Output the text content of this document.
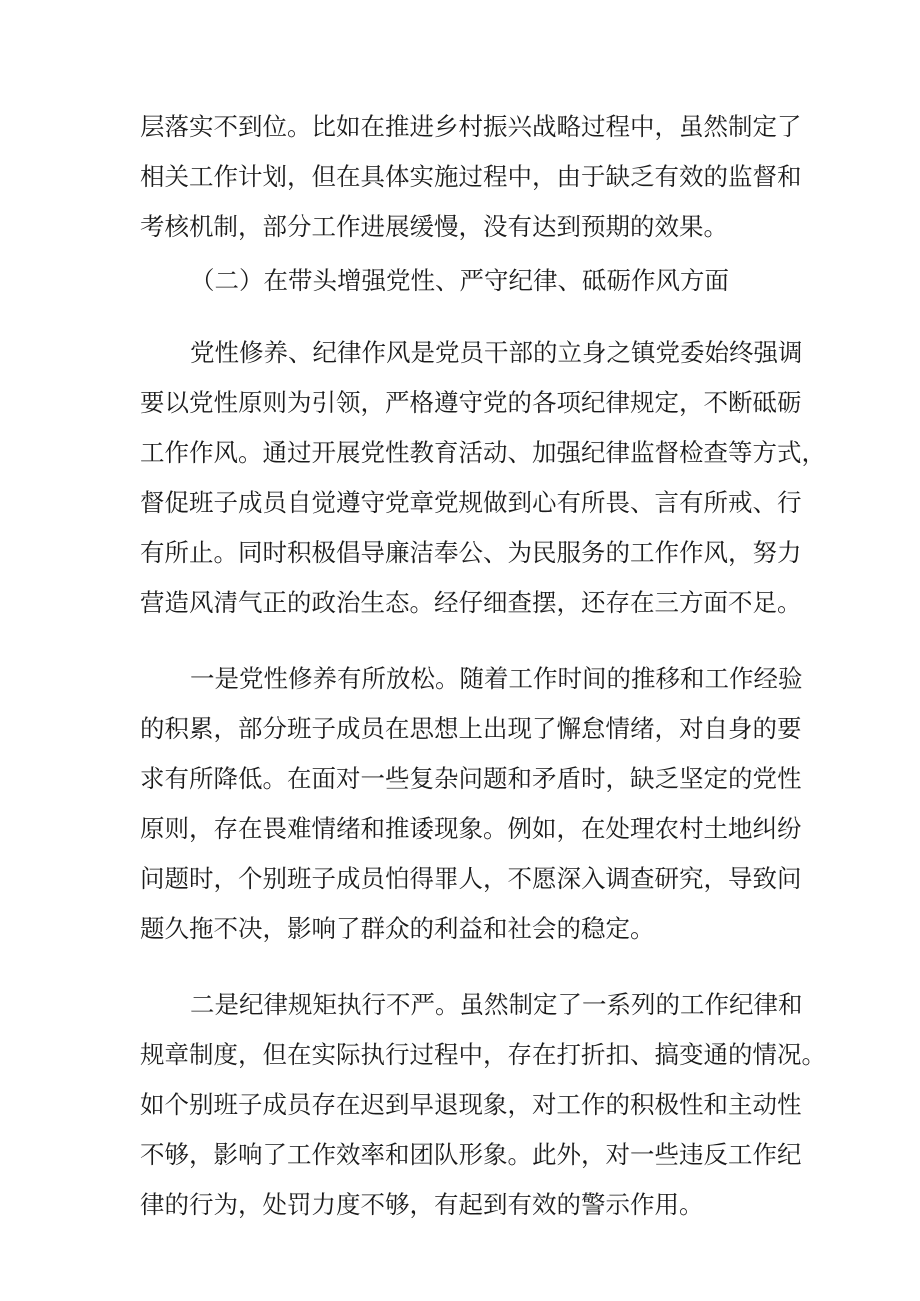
层落实不到位。比如在推进乡村振兴战略过程中，虽然制定了
相关工作计划，但在具体实施过程中，由于缺乏有效的监督和
考核机制，部分工作进展缓慢，没有达到预期的效果。
（二）在带头增强党性、严守纪律、砥砺作风方面
党性修养、纪律作风是党员干部的立身之镇党委始终强调
要以党性原则为引领，严格遵守党的各项纪律规定，不断砥砺
工作作风。通过开展党性教育活动、加强纪律监督检查等方式，
督促班子成员自觉遵守党章党规做到心有所畏、言有所戒、行
有所止。同时积极倡导廉洁奉公、为民服务的工作作风，努力
营造风清气正的政治生态。经仔细查摆，还存在三方面不足。
一是党性修养有所放松。随着工作时间的推移和工作经验
的积累，部分班子成员在思想上出现了懈怠情绪，对自身的要
求有所降低。在面对一些复杂问题和矛盾时，缺乏坚定的党性
原则，存在畏难情绪和推诿现象。例如，在处理农村土地纠纷
问题时，个别班子成员怕得罪人，不愿深入调查研究，导致问
题久拖不决，影响了群众的利益和社会的稳定。
二是纪律规矩执行不严。虽然制定了一系列的工作纪律和
规章制度，但在实际执行过程中，存在打折扣、搞变通的情况。
如个别班子成员存在迟到早退现象，对工作的积极性和主动性
不够，影响了工作效率和团队形象。此外，对一些违反工作纪
律的行为，处罚力度不够，有起到有效的警示作用。
